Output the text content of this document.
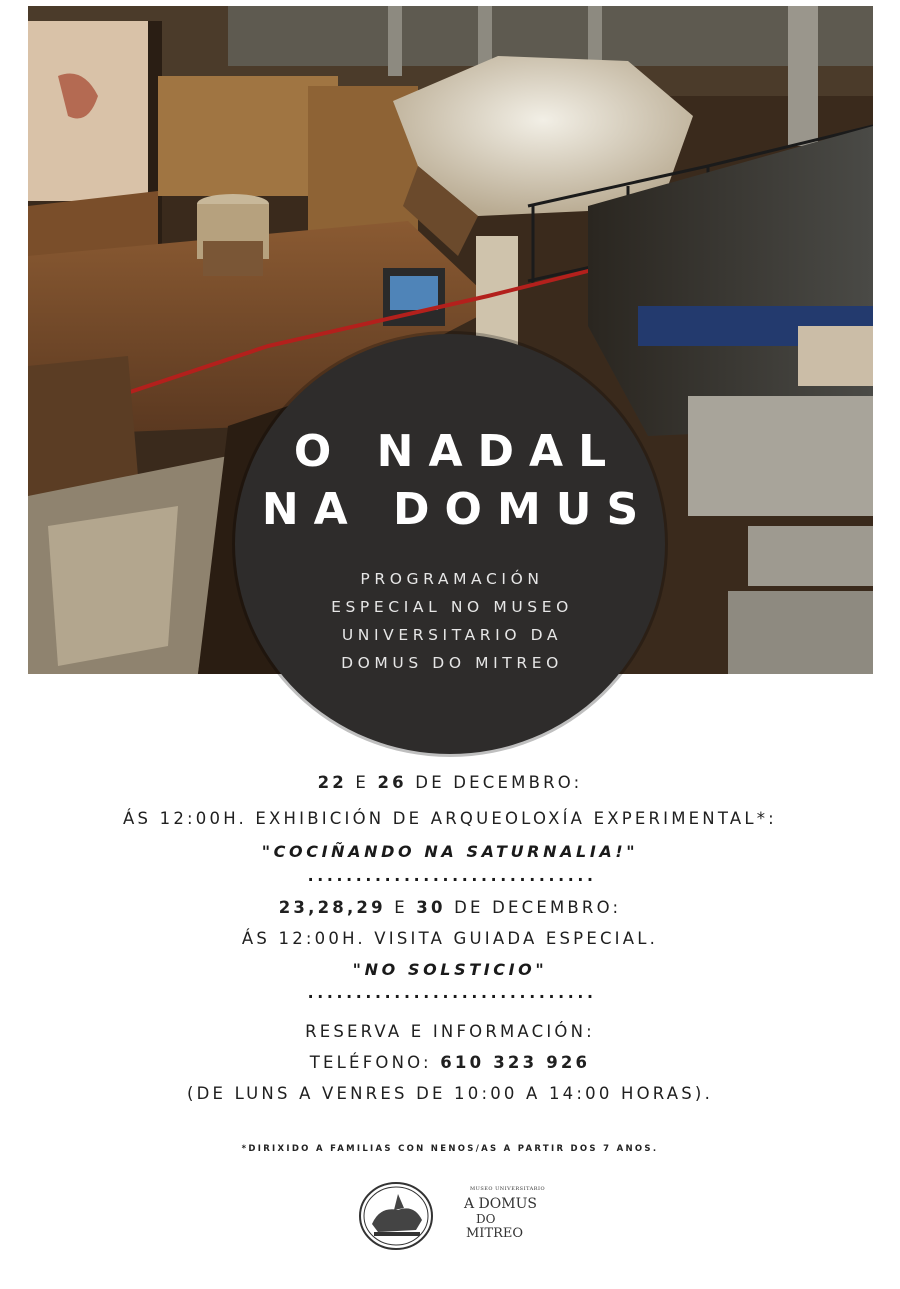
O NADAL
NA DOMUS
PROGRAMACIÓN
ESPECIAL NO MUSEO
UNIVERSITARIO DA
DOMUS DO MITREO
22 E 26 DE DECEMBRO:
ÁS 12:00H. EXHIBICIÓN DE ARQUEOLOXÍA EXPERIMENTAL*:
"COCIÑANDO NA SATURNALIA!"
..............................
23,28,29 E 30 DE DECEMBRO:
ÁS 12:00H. VISITA GUIADA ESPECIAL.
"NO SOLSTICIO"
..............................
RESERVA E INFORMACIÓN:
TELÉFONO: 610 323 926
(DE LUNS A VENRES DE 10:00 A 14:00 HORAS).
*DIRIXIDO A FAMILIAS CON NENOS/AS A PARTIR DOS 7 ANOS.
MUSEO UNIVERSITARIO
A DOMUS
DO
MITREO
